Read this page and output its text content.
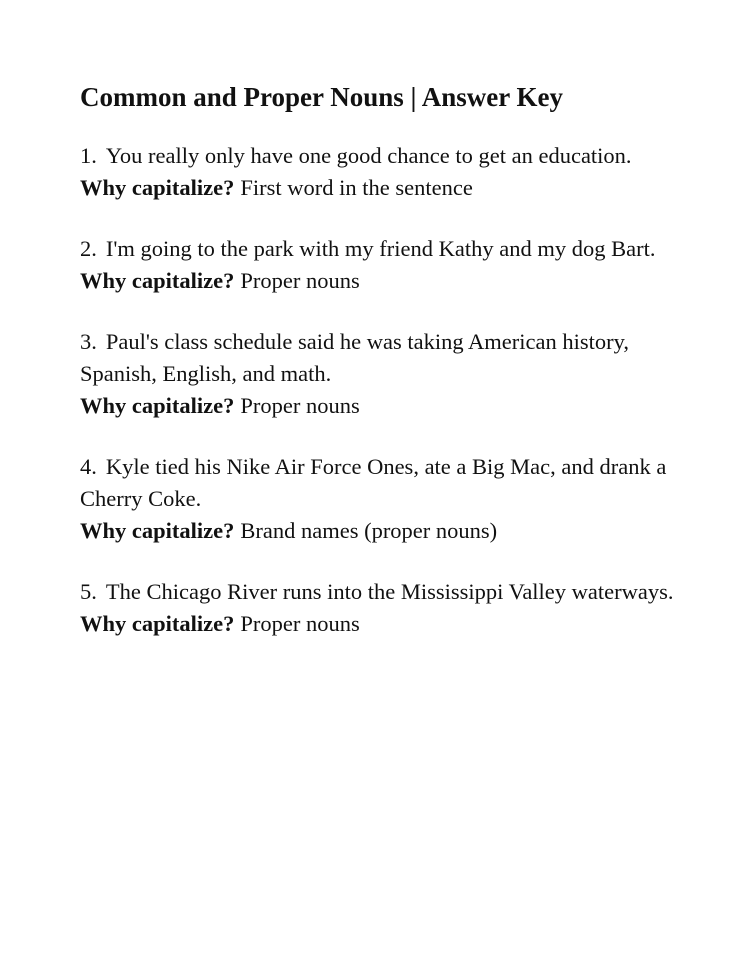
Common and Proper Nouns | Answer Key

1 . You really only have one good chance to get an education.

Why capitalize? First word in the sentence

2 . I'm going to the park with my friend Kathy and my dog Bart.

Why capitalize? Proper nouns

3 . Paul's class schedule said he was taking American history, Spanish, English, and math.

Why capitalize? Proper nouns

4 . Kyle tied his Nike Air Force Ones, ate a Big Mac, and drank a Cherry Coke.

Why capitalize? Brand names (proper nouns)

5 . The Chicago River runs into the Mississippi Valley waterways.

Why capitalize? Proper nouns
